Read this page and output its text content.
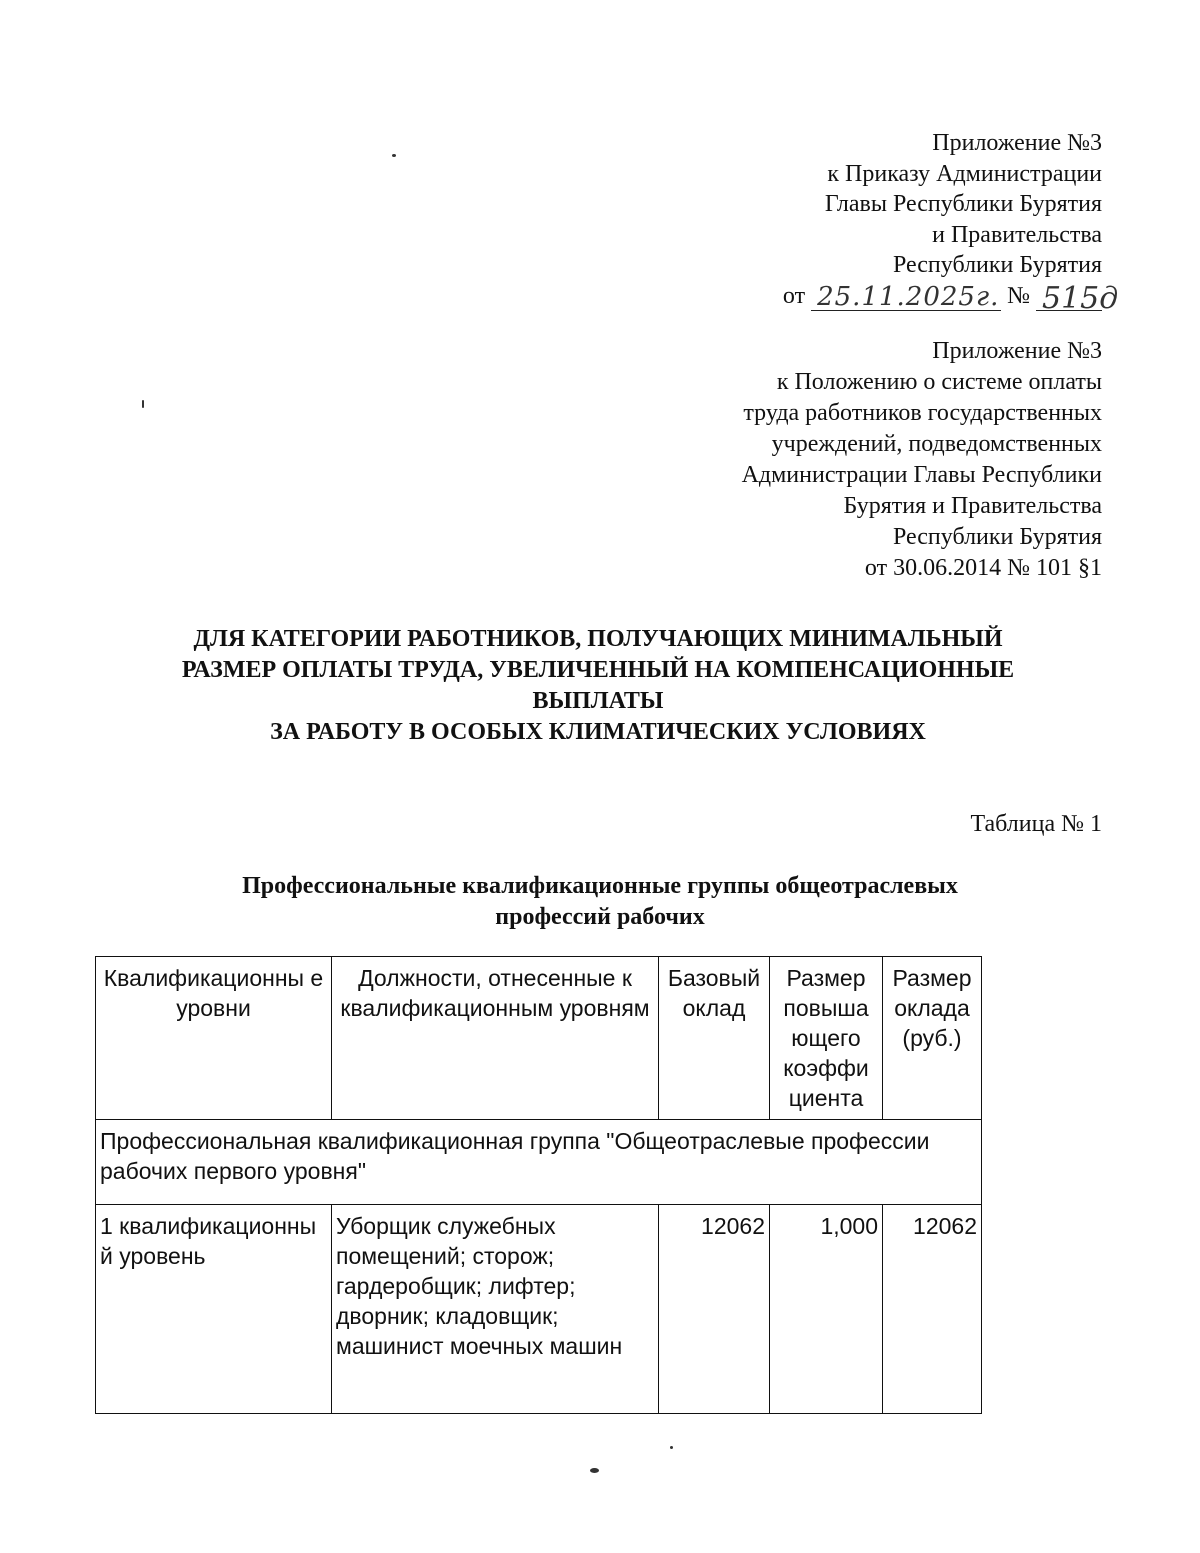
Приложение №3
к Приказу Администрации
Главы Республики Бурятия
и Правительства
Республики Бурятия
от 25.11.2025г. № 515д
Приложение №3
к Положению о системе оплаты
труда работников государственных
учреждений, подведомственных
Администрации Главы Республики
Бурятия и Правительства
Республики Бурятия
от 30.06.2014 № 101 §1
ДЛЯ КАТЕГОРИИ РАБОТНИКОВ, ПОЛУЧАЮЩИХ МИНИМАЛЬНЫЙ
РАЗМЕР ОПЛАТЫ ТРУДА, УВЕЛИЧЕННЫЙ НА КОМПЕНСАЦИОННЫЕ
ВЫПЛАТЫ
ЗА РАБОТУ В ОСОБЫХ КЛИМАТИЧЕСКИХ УСЛОВИЯХ
Таблица № 1
Профессиональные квалификационные группы общеотраслевых
профессий рабочих
Квалификационны е уровни	Должности, отнесенные к квалификационным уровням	Базовый оклад	Размер повыша ющего коэффи циента	Размер оклада (руб.)
Профессиональная квалификационная группа "Общеотраслевые профессии рабочих первого уровня"				
1 квалификационны й уровень	Уборщик служебных помещений; сторож; гардеробщик; лифтер; дворник; кладовщик; машинист моечных машин	12062	1,000	12062
